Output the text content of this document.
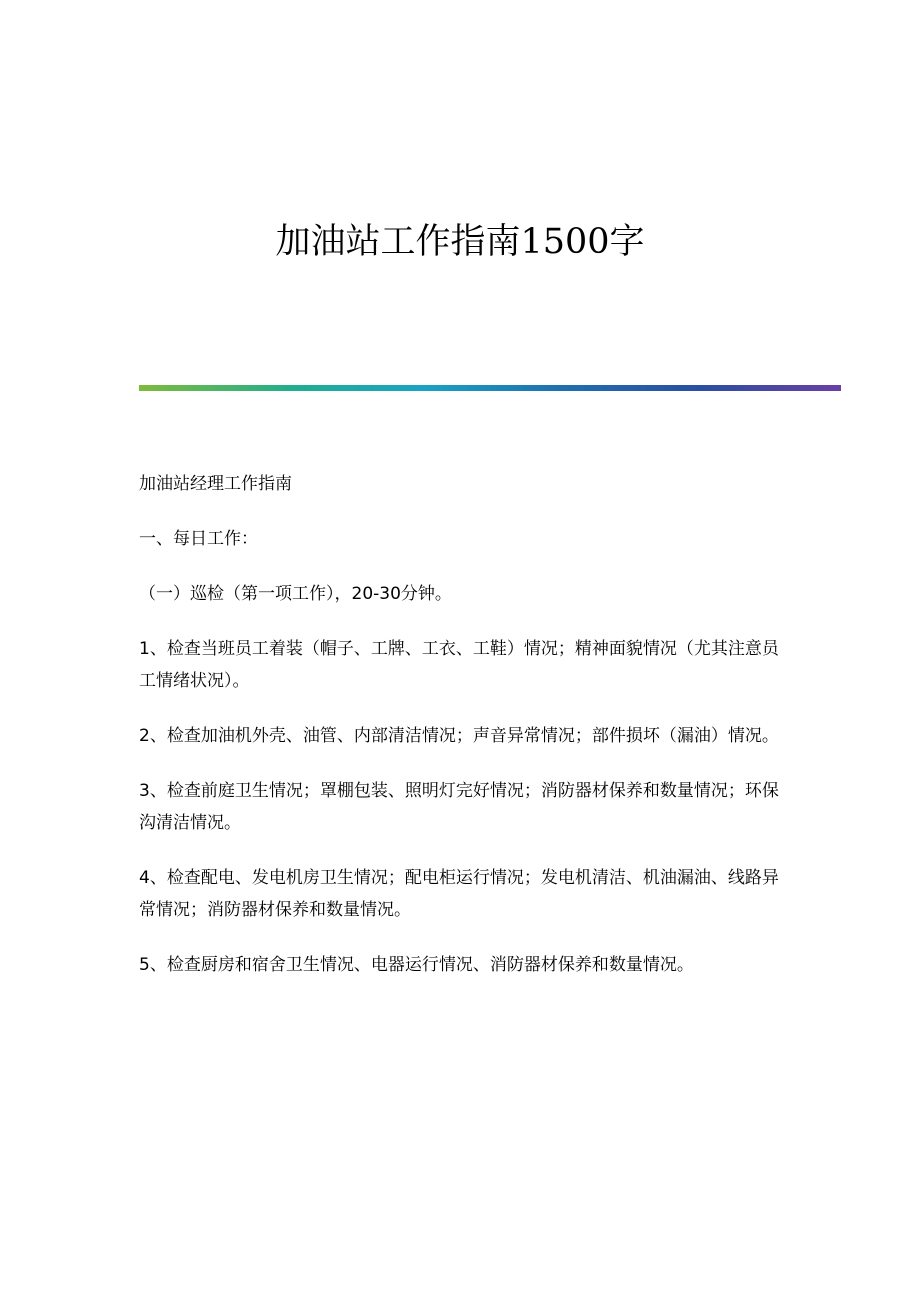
加油站工作指南1500字

加油站经理工作指南

一、每日工作：

（一）巡检（第一项工作），20-30分钟。

1、检查当班员工着装（帽子、工牌、工衣、工鞋）情况；精神面貌情况（尤其注意员工情绪状况）。

2、检查加油机外壳、油管、内部清洁情况；声音异常情况；部件损坏（漏油）情况。

3、检查前庭卫生情况；罩棚包装、照明灯完好情况；消防器材保养和数量情况；环保沟清洁情况。

4、检查配电、发电机房卫生情况；配电柜运行情况；发电机清洁、机油漏油、线路异常情况；消防器材保养和数量情况。

5、检查厨房和宿舍卫生情况、电器运行情况、消防器材保养和数量情况。
